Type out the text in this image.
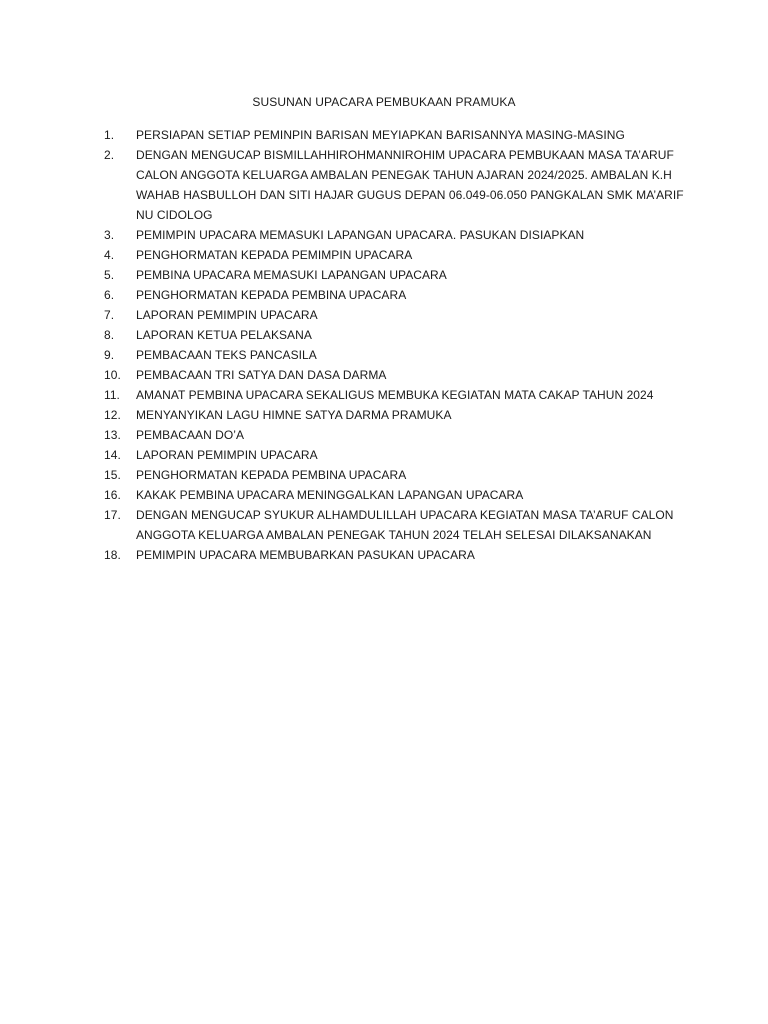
SUSUNAN UPACARA PEMBUKAAN PRAMUKA
1.	PERSIAPAN SETIAP PEMINPIN BARISAN MEYIAPKAN BARISANNYA MASING-MASING
2.	DENGAN MENGUCAP BISMILLAHHIROHMANNIROHIM UPACARA PEMBUKAAN MASA TA’ARUF CALON ANGGOTA KELUARGA AMBALAN PENEGAK TAHUN AJARAN 2024/2025. AMBALAN K.H WAHAB HASBULLOH DAN SITI HAJAR GUGUS DEPAN 06.049-06.050 PANGKALAN SMK MA’ARIF NU CIDOLOG
3.	PEMIMPIN UPACARA MEMASUKI LAPANGAN UPACARA. PASUKAN DISIAPKAN
4.	PENGHORMATAN KEPADA PEMIMPIN UPACARA
5.	PEMBINA UPACARA MEMASUKI LAPANGAN UPACARA
6.	PENGHORMATAN KEPADA PEMBINA UPACARA
7.	LAPORAN PEMIMPIN UPACARA
8.	LAPORAN KETUA PELAKSANA
9.	PEMBACAAN TEKS PANCASILA
10.	PEMBACAAN TRI SATYA DAN DASA DARMA
11.	AMANAT PEMBINA UPACARA SEKALIGUS MEMBUKA KEGIATAN MATA CAKAP TAHUN 2024
12.	MENYANYIKAN LAGU HIMNE SATYA DARMA PRAMUKA
13.	PEMBACAAN DO’A
14.	LAPORAN PEMIMPIN UPACARA
15.	PENGHORMATAN KEPADA PEMBINA UPACARA
16.	KAKAK PEMBINA UPACARA MENINGGALKAN LAPANGAN UPACARA
17.	DENGAN MENGUCAP SYUKUR ALHAMDULILLAH UPACARA KEGIATAN MASA TA’ARUF CALON ANGGOTA KELUARGA AMBALAN PENEGAK TAHUN 2024 TELAH SELESAI DILAKSANAKAN
18.	PEMIMPIN UPACARA MEMBUBARKAN PASUKAN UPACARA
